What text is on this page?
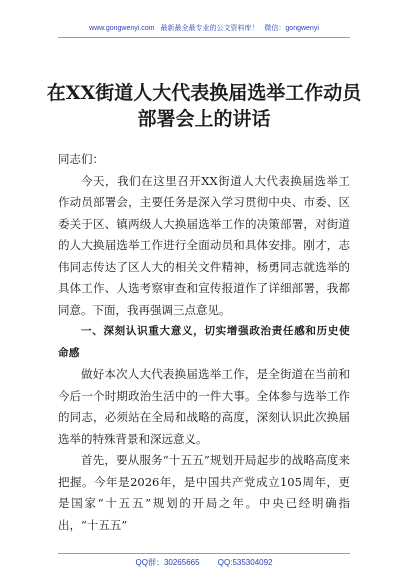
www.gongwenyi.com 最新最全最专业的公文资料库！ 微信：gongwenyi
在XX街道人大代表换届选举工作动员部署会上的讲话

同志们：

今天，我们在这里召开XX街道人大代表换届选举工作动员部署会，主要任务是深入学习贯彻中央、市委、区委关于区、镇两级人大换届选举工作的决策部署，对街道的人大换届选举工作进行全面动员和具体安排。刚才，志伟同志传达了区人大的相关文件精神，杨勇同志就选举的具体工作、人选考察审查和宣传报道作了详细部署，我都同意。下面，我再强调三点意见。

一、深刻认识重大意义，切实增强政治责任感和历史使命感

做好本次人大代表换届选举工作，是全街道在当前和今后一个时期政治生活中的一件大事。全体参与选举工作的同志，必须站在全局和战略的高度，深刻认识此次换届选举的特殊背景和深远意义。

首先，要从服务“十五五”规划开局起步的战略高度来把握。今年是2026年，是中国共产党成立105周年，更是国家“十五五”规划的开局之年。中央已经明确指出，“十五五”

QQ群：30265665 QQ:535304092
